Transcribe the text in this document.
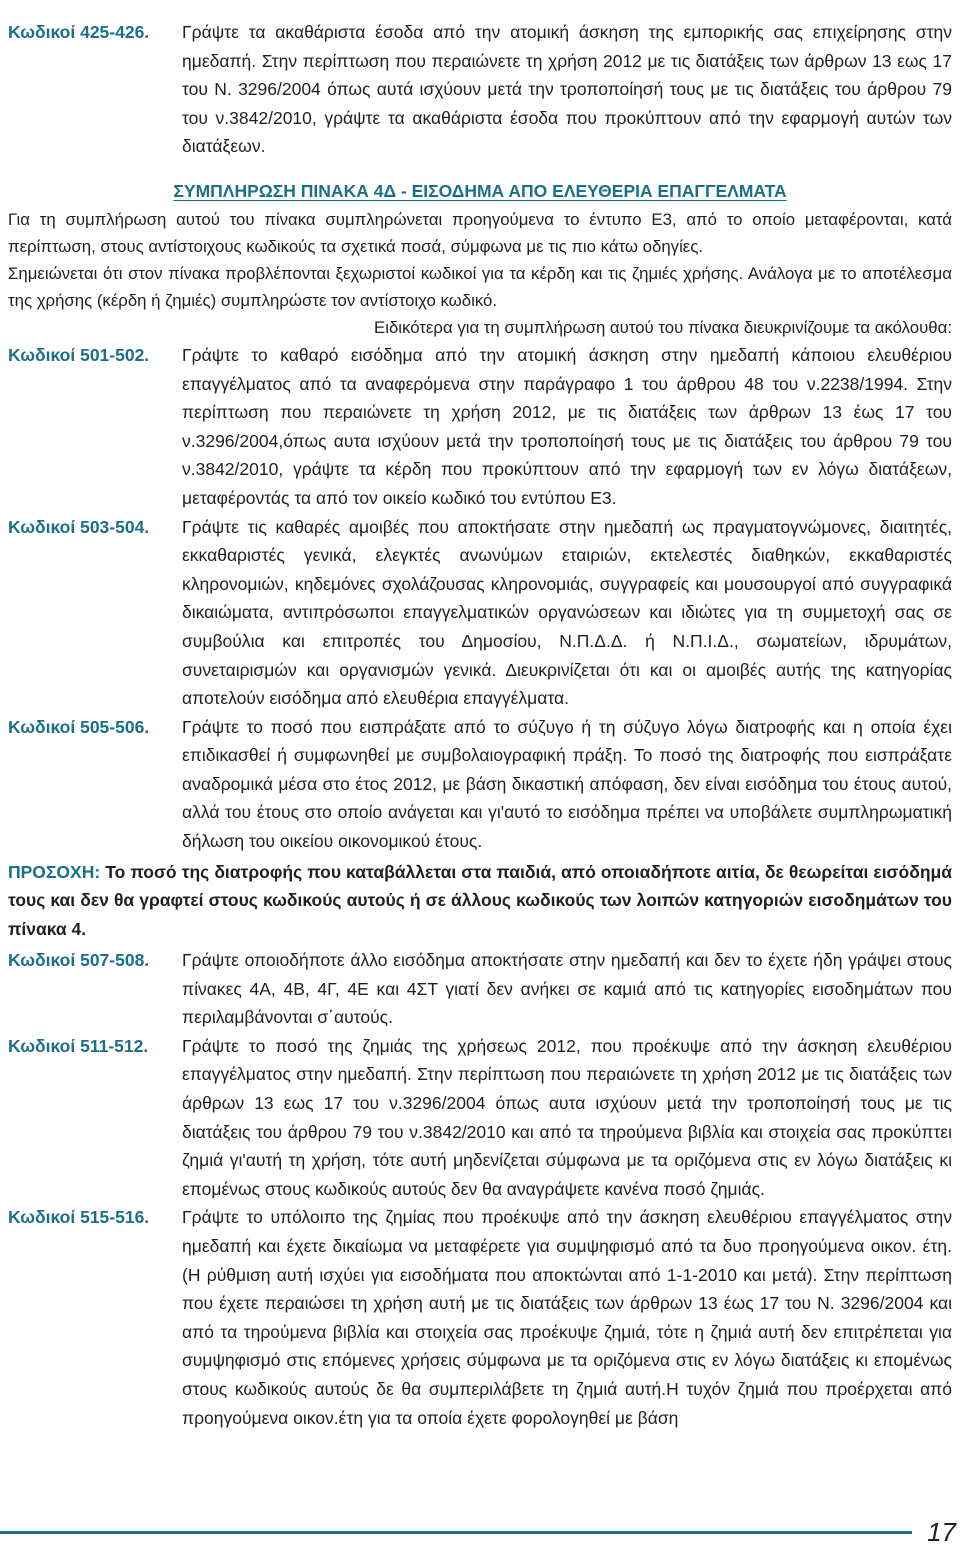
Κωδικοί 425-426.	Γράψτε τα ακαθάριστα έσοδα από την ατομική άσκηση της εμπορικής σας επιχείρησης στην ημεδαπή. Στην περίπτωση που περαιώνετε τη χρήση 2012 με τις διατάξεις των άρθρων 13 εως 17 του Ν. 3296/2004 όπως αυτά ισχύουν μετά την τροποποίησή τους με τις διατάξεις του άρθρου 79 του ν.3842/2010, γράψτε τα ακαθάριστα έσοδα που προκύπτουν από την εφαρμογή αυτών των διατάξεων.
ΣΥΜΠΛΗΡΩΣΗ ΠΙΝΑΚΑ 4Δ - ΕΙΣΟΔΗΜΑ ΑΠΟ ΕΛΕΥΘΕΡΙΑ ΕΠΑΓΓΕΛΜΑΤΑ
Για τη συμπλήρωση αυτού του πίνακα συμπληρώνεται προηγούμενα το έντυπο Ε3, από το οποίο μεταφέρονται, κατά περίπτωση, στους αντίστοιχους κωδικούς τα σχετικά ποσά, σύμφωνα με τις πιο κάτω οδηγίες.
Σημειώνεται ότι στον πίνακα προβλέπονται ξεχωριστοί κωδικοί για τα κέρδη και τις ζημιές χρήσης. Ανάλογα με το αποτέλεσμα της χρήσης (κέρδη ή ζημιές) συμπληρώστε τον αντίστοιχο κωδικό.
Ειδικότερα για τη συμπλήρωση αυτού του πίνακα διευκρινίζουμε τα ακόλουθα:
Κωδικοί 501-502.	Γράψτε το καθαρό εισόδημα από την ατομική άσκηση στην ημεδαπή κάποιου ελευθέριου επαγγέλματος από τα αναφερόμενα στην παράγραφο 1 του άρθρου 48 του ν.2238/1994. Στην περίπτωση που περαιώνετε τη χρήση 2012, με τις διατάξεις των άρθρων 13 έως 17 του ν.3296/2004,όπως αυτα ισχύουν μετά την τροποποίησή τους με τις διατάξεις του άρθρου 79 του ν.3842/2010, γράψτε τα κέρδη που προκύπτουν από την εφαρμογή των εν λόγω διατάξεων, μεταφέροντάς τα από τον οικείο κωδικό του εντύπου Ε3.
Κωδικοί 503-504.	Γράψτε τις καθαρές αμοιβές που αποκτήσατε στην ημεδαπή ως πραγματογνώμονες, διαιτητές, εκκαθαριστές γενικά, ελεγκτές ανωνύμων εταιριών, εκτελεστές διαθηκών, εκκαθαριστές κληρονομιών, κηδεμόνες σχολάζουσας κληρονομιάς, συγγραφείς και μουσουργοί από συγγραφικά δικαιώματα, αντιπρόσωποι επαγγελματικών οργανώσεων και ιδιώτες για τη συμμετοχή σας σε συμβούλια και επιτροπές του Δημοσίου, Ν.Π.Δ.Δ. ή Ν.Π.Ι.Δ., σωματείων, ιδρυμάτων, συνεταιρισμών και οργανισμών γενικά. Διευκρινίζεται ότι και οι αμοιβές αυτής της κατηγορίας αποτελούν εισόδημα από ελευθέρια επαγγέλματα.
Κωδικοί 505-506.	Γράψτε το ποσό που εισπράξατε από το σύζυγο ή τη σύζυγο λόγω διατροφής και η οποία έχει επιδικασθεί ή συμφωνηθεί με συμβολαιογραφική πράξη. Το ποσό της διατροφής που εισπράξατε αναδρομικά μέσα στο έτος 2012, με βάση δικαστική απόφαση, δεν είναι εισόδημα του έτους αυτού, αλλά του έτους στο οποίο ανάγεται και γι'αυτό το εισόδημα πρέπει να υποβάλετε συμπληρωματική δήλωση του οικείου οικονομικού έτους.
ΠΡΟΣΟΧΗ: Το ποσό της διατροφής που καταβάλλεται στα παιδιά, από οποιαδήποτε αιτία, δε θεωρείται εισόδημά τους και δεν θα γραφτεί στους κωδικούς αυτούς ή σε άλλους κωδικούς των λοιπών κατηγοριών εισοδημάτων του πίνακα 4.
Κωδικοί 507-508.	Γράψτε οποιοδήποτε άλλο εισόδημα αποκτήσατε στην ημεδαπή και δεν το έχετε ήδη γράψει στους πίνακες 4Α, 4Β, 4Γ, 4Ε και 4ΣΤ γιατί δεν ανήκει σε καμιά από τις κατηγορίες εισοδημάτων που περιλαμβάνονται σ΄αυτούς.
Κωδικοί 511-512.	Γράψτε το ποσό της ζημιάς της χρήσεως 2012, που προέκυψε από την άσκηση ελευθέριου επαγγέλματος στην ημεδαπή. Στην περίπτωση που περαιώνετε τη χρήση 2012 με τις διατάξεις των άρθρων 13 εως 17 του ν.3296/2004 όπως αυτα ισχύουν μετά την τροποποίησή τους με τις διατάξεις του άρθρου 79 του ν.3842/2010 και από τα τηρούμενα βιβλία και στοιχεία σας προκύπτει ζημιά γι'αυτή τη χρήση, τότε αυτή μηδενίζεται σύμφωνα με τα οριζόμενα στις εν λόγω διατάξεις κι επομένως στους κωδικούς αυτούς δεν θα αναγράψετε κανένα ποσό ζημιάς.
Κωδικοί 515-516.	Γράψτε το υπόλοιπο της ζημίας που προέκυψε από την άσκηση ελευθέριου επαγγέλματος στην ημεδαπή και έχετε δικαίωμα να μεταφέρετε για συμψηφισμό από τα δυο προηγούμενα οικον. έτη. (Η ρύθμιση αυτή ισχύει για εισοδήματα που αποκτώνται από 1-1-2010 και μετά). Στην περίπτωση που έχετε περαιώσει τη χρήση αυτή με τις διατάξεις των άρθρων 13 έως 17 του Ν. 3296/2004 και από τα τηρούμενα βιβλία και στοιχεία σας προέκυψε ζημιά, τότε η ζημιά αυτή δεν επιτρέπεται για συμψηφισμό στις επόμενες χρήσεις σύμφωνα με τα οριζόμενα στις εν λόγω διατάξεις κι επομένως στους κωδικούς αυτούς δε θα συμπεριλάβετε τη ζημιά αυτή.Η τυχόν ζημιά που προέρχεται από προηγούμενα οικον.έτη για τα οποία έχετε φορολογηθεί με βάση
17
